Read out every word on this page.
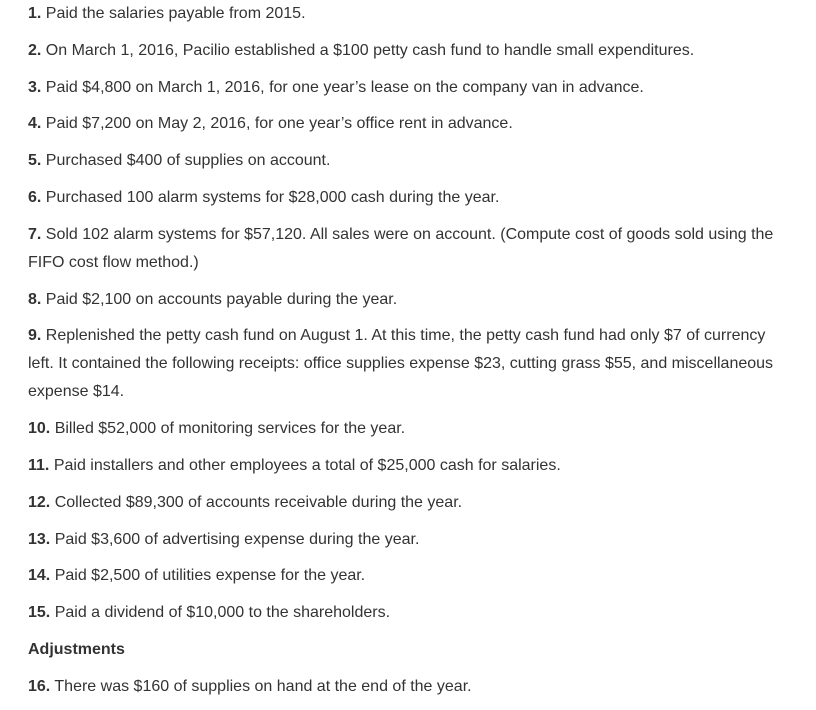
1. Paid the salaries payable from 2015.
2. On March 1, 2016, Pacilio established a $100 petty cash fund to handle small expenditures.
3. Paid $4,800 on March 1, 2016, for one year’s lease on the company van in advance.
4. Paid $7,200 on May 2, 2016, for one year’s office rent in advance.
5. Purchased $400 of supplies on account.
6. Purchased 100 alarm systems for $28,000 cash during the year.
7. Sold 102 alarm systems for $57,120. All sales were on account. (Compute cost of goods sold using the FIFO cost flow method.)
8. Paid $2,100 on accounts payable during the year.
9. Replenished the petty cash fund on August 1. At this time, the petty cash fund had only $7 of currency left. It contained the following receipts: office supplies expense $23, cutting grass $55, and miscellaneous expense $14.
10. Billed $52,000 of monitoring services for the year.
11. Paid installers and other employees a total of $25,000 cash for salaries.
12. Collected $89,300 of accounts receivable during the year.
13. Paid $3,600 of advertising expense during the year.
14. Paid $2,500 of utilities expense for the year.
15. Paid a dividend of $10,000 to the shareholders.
Adjustments
16. There was $160 of supplies on hand at the end of the year.
